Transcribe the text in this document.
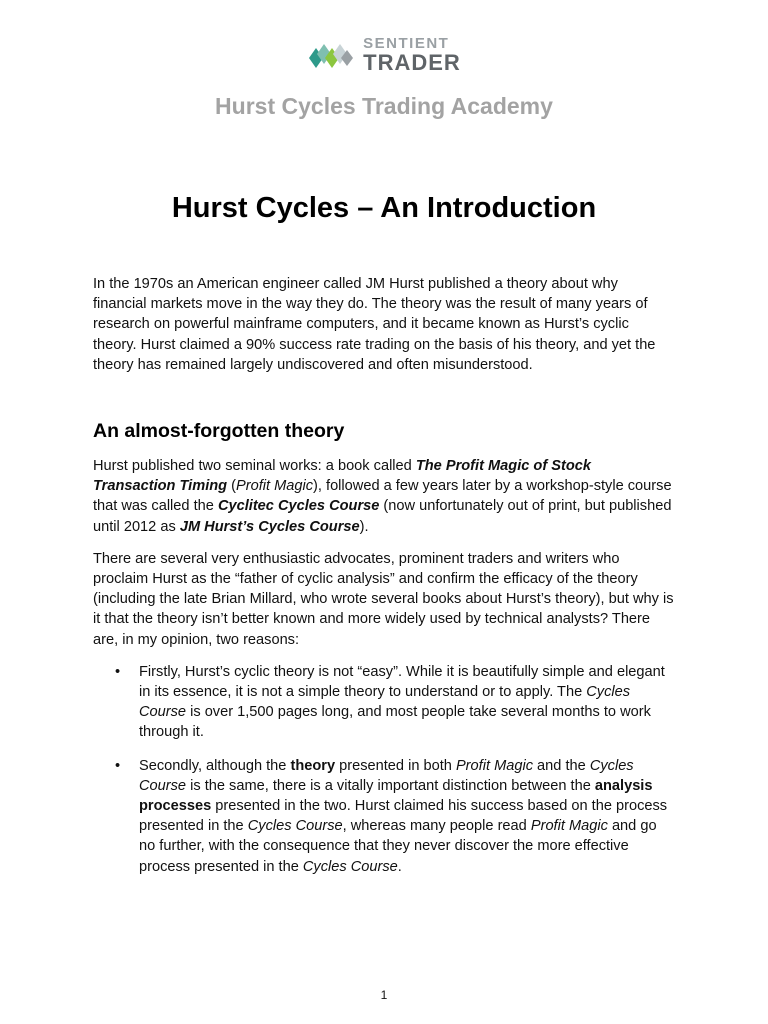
SENTIENT
TRADER
Hurst Cycles Trading Academy
Hurst Cycles – An Introduction

In the 1970s an American engineer called JM Hurst published a theory about why financial markets move in the way they do. The theory was the result of many years of research on powerful mainframe computers, and it became known as Hurst’s cyclic theory. Hurst claimed a 90% success rate trading on the basis of his theory, and yet the theory has remained largely undiscovered and often misunderstood.

An almost-forgotten theory

Hurst published two seminal works: a book called The Profit Magic of Stock Transaction Timing (Profit Magic), followed a few years later by a workshop-style course that was called the Cyclitec Cycles Course (now unfortunately out of print, but published until 2012 as JM Hurst’s Cycles Course).

There are several very enthusiastic advocates, prominent traders and writers who proclaim Hurst as the “father of cyclic analysis” and confirm the efficacy of the theory (including the late Brian Millard, who wrote several books about Hurst’s theory), but why is it that the theory isn’t better known and more widely used by technical analysts? There are, in my opinion, two reasons:

• Firstly, Hurst’s cyclic theory is not “easy”. While it is beautifully simple and elegant in its essence, it is not a simple theory to understand or to apply. The Cycles Course is over 1,500 pages long, and most people take several months to work through it.
• Secondly, although the theory presented in both Profit Magic and the Cycles Course is the same, there is a vitally important distinction between the analysis processes presented in the two. Hurst claimed his success based on the process presented in the Cycles Course, whereas many people read Profit Magic and go no further, with the consequence that they never discover the more effective process presented in the Cycles Course.
1
